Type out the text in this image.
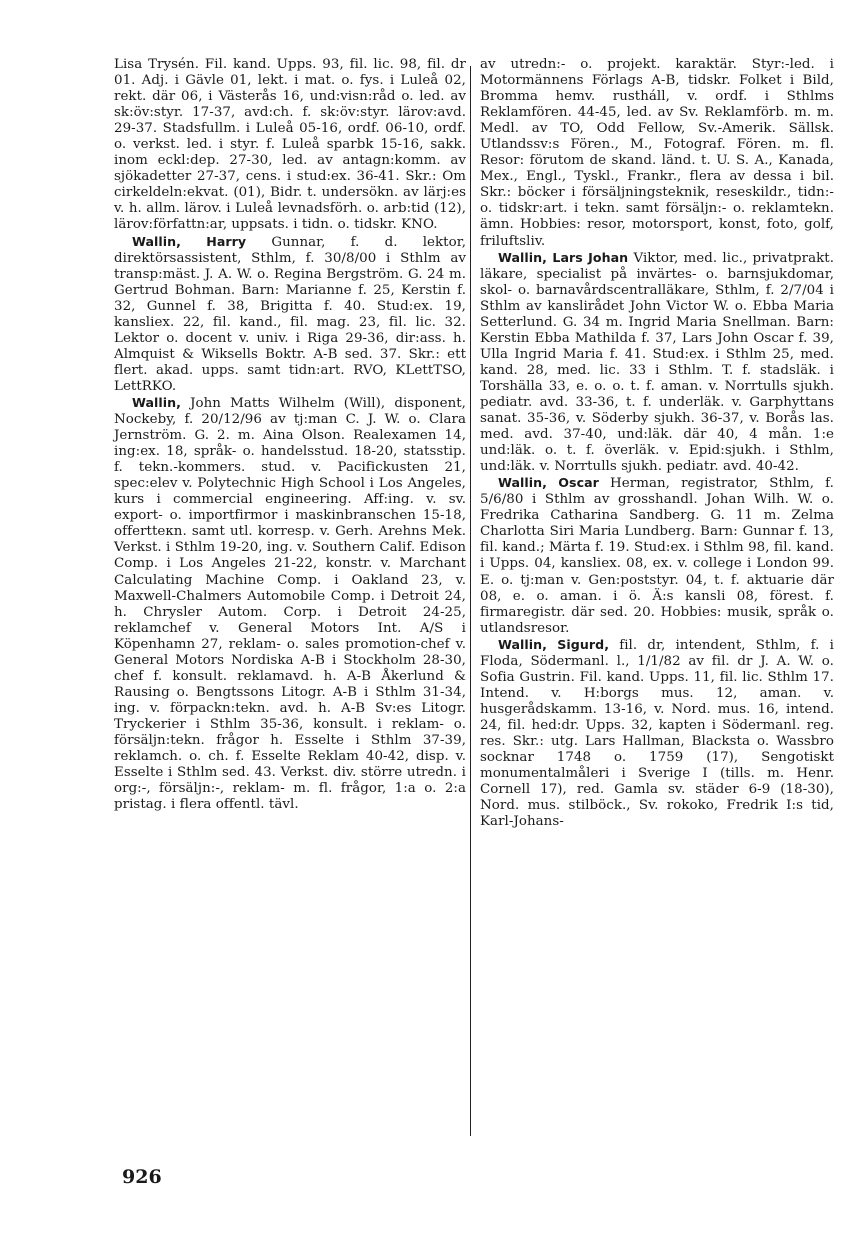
Lisa Trysén. Fil. kand. Upps. 93, fil. lic. 98, fil. dr 01. Adj. i Gävle 01, lekt. i mat. o. fys. i Luleå 02, rekt. där 06, i Västerås 16, und:visn:råd o. led. av sk:öv:styr. 17-37, avd:ch. f. sk:öv:styr. lärov:avd. 29-37. Stadsfullm. i Luleå 05-16, ordf. 06-10, ordf. o. verkst. led. i styr. f. Luleå sparbk 15-16, sakk. inom eckl:dep. 27-30, led. av antagn:komm. av sjökadetter 27-37, cens. i stud:ex. 36-41. Skr.: Om cirkeldeln:ekvat. (01), Bidr. t. undersökn. av lärj:es v. h. allm. lärov. i Luleå levnadsförh. o. arb:tid (12), lärov:författn:ar, uppsats. i tidn. o. tidskr. KNO.

Wallin, Harry Gunnar, f. d. lektor, direktörsassistent, Sthlm, f. 30/8/00 i Sthlm av transp:mäst. J. A. W. o. Regina Bergström. G. 24 m. Gertrud Bohman. Barn: Marianne f. 25, Kerstin f. 32, Gunnel f. 38, Brigitta f. 40. Stud:ex. 19, kansliex. 22, fil. kand., fil. mag. 23, fil. lic. 32. Lektor o. docent v. univ. i Riga 29-36, dir:ass. h. Almquist & Wiksells Boktr. A-B sed. 37. Skr.: ett flert. akad. upps. samt tidn:art. RVO, KLettTSO, LettRKO.

Wallin, John Matts Wilhelm (Will), disponent, Nockeby, f. 20/12/96 av tj:man C. J. W. o. Clara Jernström. G. 2. m. Aina Olson. Realexamen 14, ing:ex. 18, språk- o. handelsstud. 18-20, statsstip. f. tekn.-kommers. stud. v. Pacifickusten 21, spec:elev v. Polytechnic High School i Los Angeles, kurs i commercial engineering. Aff:ing. v. sv. export- o. importfirmor i maskinbranschen 15-18, offertteкn. samt utl. korresp. v. Gerh. Arehns Mek. Verkst. i Sthlm 19-20, ing. v. Southern Calif. Edison Comp. i Los Angeles 21-22, konstr. v. Marchant Calculating Machine Comp. i Oakland 23, v. Maxwell-Chalmers Automobile Comp. i Detroit 24, h. Chrysler Autom. Corp. i Detroit 24-25, reklamchef v. General Motors Int. A/S i Köpenhamn 27, reklam- o. sales promotion-chef v. General Motors Nordiska A-B i Stockholm 28-30, chef f. konsult. reklamavd. h. A-B Åkerlund & Rausing o. Bengtssons Litogr. A-B i Sthlm 31-34, ing. v. förpackn:tekn. avd. h. A-B Sv:es Litogr. Tryckerier i Sthlm 35-36, konsult. i reklam- o. försäljn:tekn. frågor h. Esselte i Sthlm 37-39, reklamch. o. ch. f. Esselte Reklam 40-42, disp. v. Esselte i Sthlm sed. 43. Verkst. div. större utredn. i org:-, försäljn:-, reklam- m. fl. frågor, 1:a o. 2:a pristag. i flera offentl. tävl.

av utredn:- o. projekt. karaktär. Styr:-led. i Motormännens Förlags A-B, tidskr. Folket i Bild, Bromma hemv. rustháll, v. ordf. i Sthlms Reklamfören. 44-45, led. av Sv. Reklamförb. m. m. Medl. av TO, Odd Fellow, Sv.-Amerik. Sällsk. Utlandssv:s Fören., M., Fotograf. Fören. m. fl. Resor: förutom de skand. länd. t. U. S. A., Kanada, Mex., Engl., Tyskl., Frankr., flera av dessa i bil. Skr.: böcker i försäljningsteknik, reseskildr., tidn:- o. tidskr:art. i tekn. samt försäljn:- o. reklamtekn. ämn. Hobbies: resor, motorsport, konst, foto, golf, friluftsliv.

Wallin, Lars Johan Viktor, med. lic., privatprakt. läkare, specialist på invärtes- o. barnsjukdomar, skol- o. barnavårdscentralläkare, Sthlm, f. 2/7/04 i Sthlm av kanslirådet John Victor W. o. Ebba Maria Setterlund. G. 34 m. Ingrid Maria Snellman. Barn: Kerstin Ebba Mathilda f. 37, Lars John Oscar f. 39, Ulla Ingrid Maria f. 41. Stud:ex. i Sthlm 25, med. kand. 28, med. lic. 33 i Sthlm. T. f. stadsläk. i Torshälla 33, e. o. o. t. f. aman. v. Norrtulls sjukh. pediatr. avd. 33-36, t. f. underläk. v. Garphyttans sanat. 35-36, v. Söderby sjukh. 36-37, v. Borås las. med. avd. 37-40, und:läk. där 40, 4 mån. 1:e und:läk. o. t. f. överläk. v. Epid:sjukh. i Sthlm, und:läk. v. Norrtulls sjukh. pediatr. avd. 40-42.

Wallin, Oscar Herman, registrator, Sthlm, f. 5/6/80 i Sthlm av grosshandl. Johan Wilh. W. o. Fredrika Catharina Sandberg. G. 11 m. Zelma Charlotta Siri Maria Lundberg. Barn: Gunnar f. 13, fil. kand.; Märta f. 19. Stud:ex. i Sthlm 98, fil. kand. i Upps. 04, kansliex. 08, ex. v. college i London 99. E. o. tj:man v. Gen:poststyr. 04, t. f. aktuarie där 08, e. o. aman. i ö. Ä:s kansli 08, förest. f. firmaregistr. där sed. 20. Hobbies: musik, språk o. utlandsresor.

Wallin, Sigurd, fil. dr, intendent, Sthlm, f. i Floda, Södermanl. l., 1/1/82 av fil. dr J. A. W. o. Sofia Gustrin. Fil. kand. Upps. 11, fil. lic. Sthlm 17. Intend. v. H:borgs mus. 12, aman. v. husgerådskamm. 13-16, v. Nord. mus. 16, intend. 24, fil. hed:dr. Upps. 32, kapten i Södermanl. reg. res. Skr.: utg. Lars Hallman, Blacksta o. Wassbro socknar 1748 o. 1759 (17), Sengotiskt monumentalmåleri i Sverige I (tills. m. Henr. Cornell 17), red. Gamla sv. städer 6-9 (18-30), Nord. mus. stilböck., Sv. rokoko, Fredrik I:s tid, Karl-Johans-

926
